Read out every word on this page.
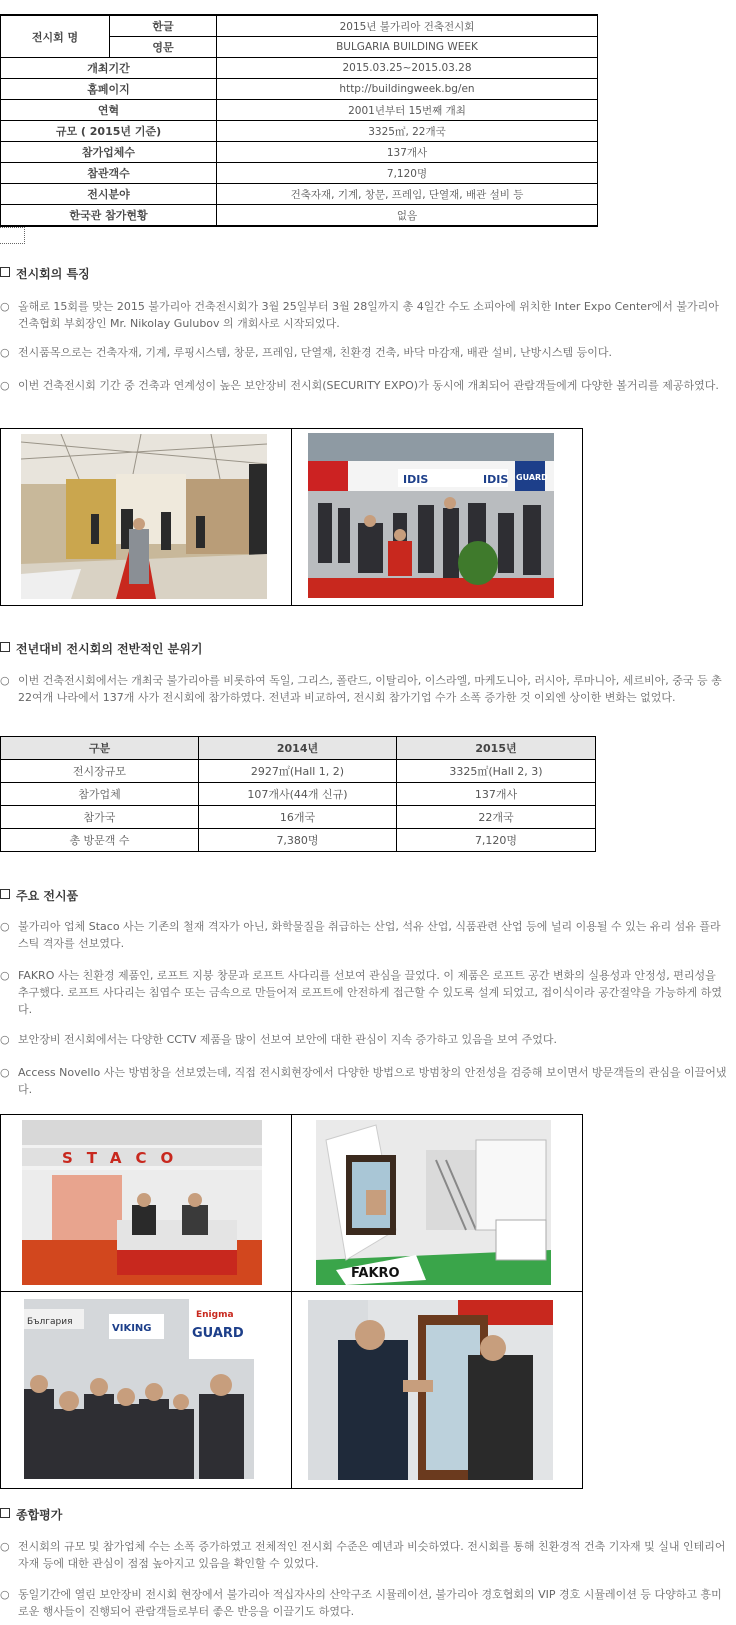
전시회 명	한글	2015년 불가리아 건축전시회
	영문	BULGARIA BUILDING WEEK
개최기간		2015.03.25~2015.03.28
홈페이지		http://buildingweek.bg/en
연혁		2001년부터 15번째 개최
규모 ( 2015년 기준)		3325㎡, 22개국
참가업체수		137개사
참관객수		7,120명
전시분야		건축자재, 기계, 창문, 프레임, 단열재, 배관 설비 등
한국관 참가현황		없음
전시회의 특징
○ 올해로 15회를 맞는 2015 불가리아 건축전시회가 3월 25일부터 3월 28일까지 총 4일간 수도 소피아에 위치한 Inter Expo Center에서 불가리아 건축협회 부회장인 Mr. Nikolay Gulubov 의 개회사로 시작되었다.
○ 전시품목으로는 건축자재, 기계, 루핑시스템, 창문, 프레임, 단열재, 친환경 건축, 바닥 마감재, 배관 설비, 난방시스템 등이다.
○ 이번 건축전시회 기간 중 건축과 연계성이 높은 보안장비 전시회(SECURITY EXPO)가 동시에 개최되어 관람객들에게 다양한 볼거리를 제공하였다.
IDIS	IDIS GUARD
전년대비 전시회의 전반적인 분위기
○ 이번 건축전시회에서는 개최국 불가리아를 비롯하여 독일, 그리스, 폴란드, 이탈리아, 이스라엘, 마케도니아, 러시아, 루마니아, 세르비아, 중국 등 총 22여개 나라에서 137개 사가 전시회에 참가하였다. 전년과 비교하여, 전시회 참가기업 수가 소폭 증가한 것 이외엔 상이한 변화는 없었다.
구분	2014년	2015년
전시장규모	2927㎡(Hall 1, 2)	3325㎡(Hall 2, 3)
참가업체	107개사(44개 신규)	137개사
참가국	16개국	22개국
총 방문객 수	7,380명	7,120명
주요 전시품
○ 불가리아 업체 Staco 사는 기존의 철재 격자가 아닌, 화학물질을 취급하는 산업, 석유 산업, 식품관련 산업 등에 널리 이용될 수 있는 유리 섬유 플라스틱 격자를 선보였다.
○ FAKRO 사는 친환경 제품인, 로프트 지붕 창문과 로프트 사다리를 선보여 관심을 끌었다. 이 제품은 로프트 공간 변화의 실용성과 안정성, 편리성을 추구했다. 로프트 사다리는 침엽수 또는 금속으로 만들어져 로프트에 안전하게 접근할 수 있도록 설계 되었고, 접이식이라 공간절약을 가능하게 하였다.
○ 보안장비 전시회에서는 다양한 CCTV 제품을 많이 선보여 보안에 대한 관심이 지속 증가하고 있음을 보여 주었다.
○ Access Novello 사는 방범창을 선보였는데, 직접 전시회현장에서 다양한 방법으로 방범창의 안전성을 검증해 보이면서 방문객들의 관심을 이끌어냈다.
STACO
FAKRO
България
VIKING
Enigma
GUARD
종합평가
○ 전시회의 규모 및 참가업체 수는 소폭 증가하였고 전체적인 전시회 수준은 예년과 비슷하였다. 전시회를 통해 친환경적 건축 기자재 및 실내 인테리어 자재 등에 대한 관심이 점점 높아지고 있음을 확인할 수 있었다.
○ 동일기간에 열린 보안장비 전시회 현장에서 불가리아 적십자사의 산악구조 시뮬레이션, 불가리아 경호협회의 VIP 경호 시뮬레이션 등 다양하고 흥미로운 행사들이 진행되어 관람객들로부터 좋은 반응을 이끌기도 하였다.
